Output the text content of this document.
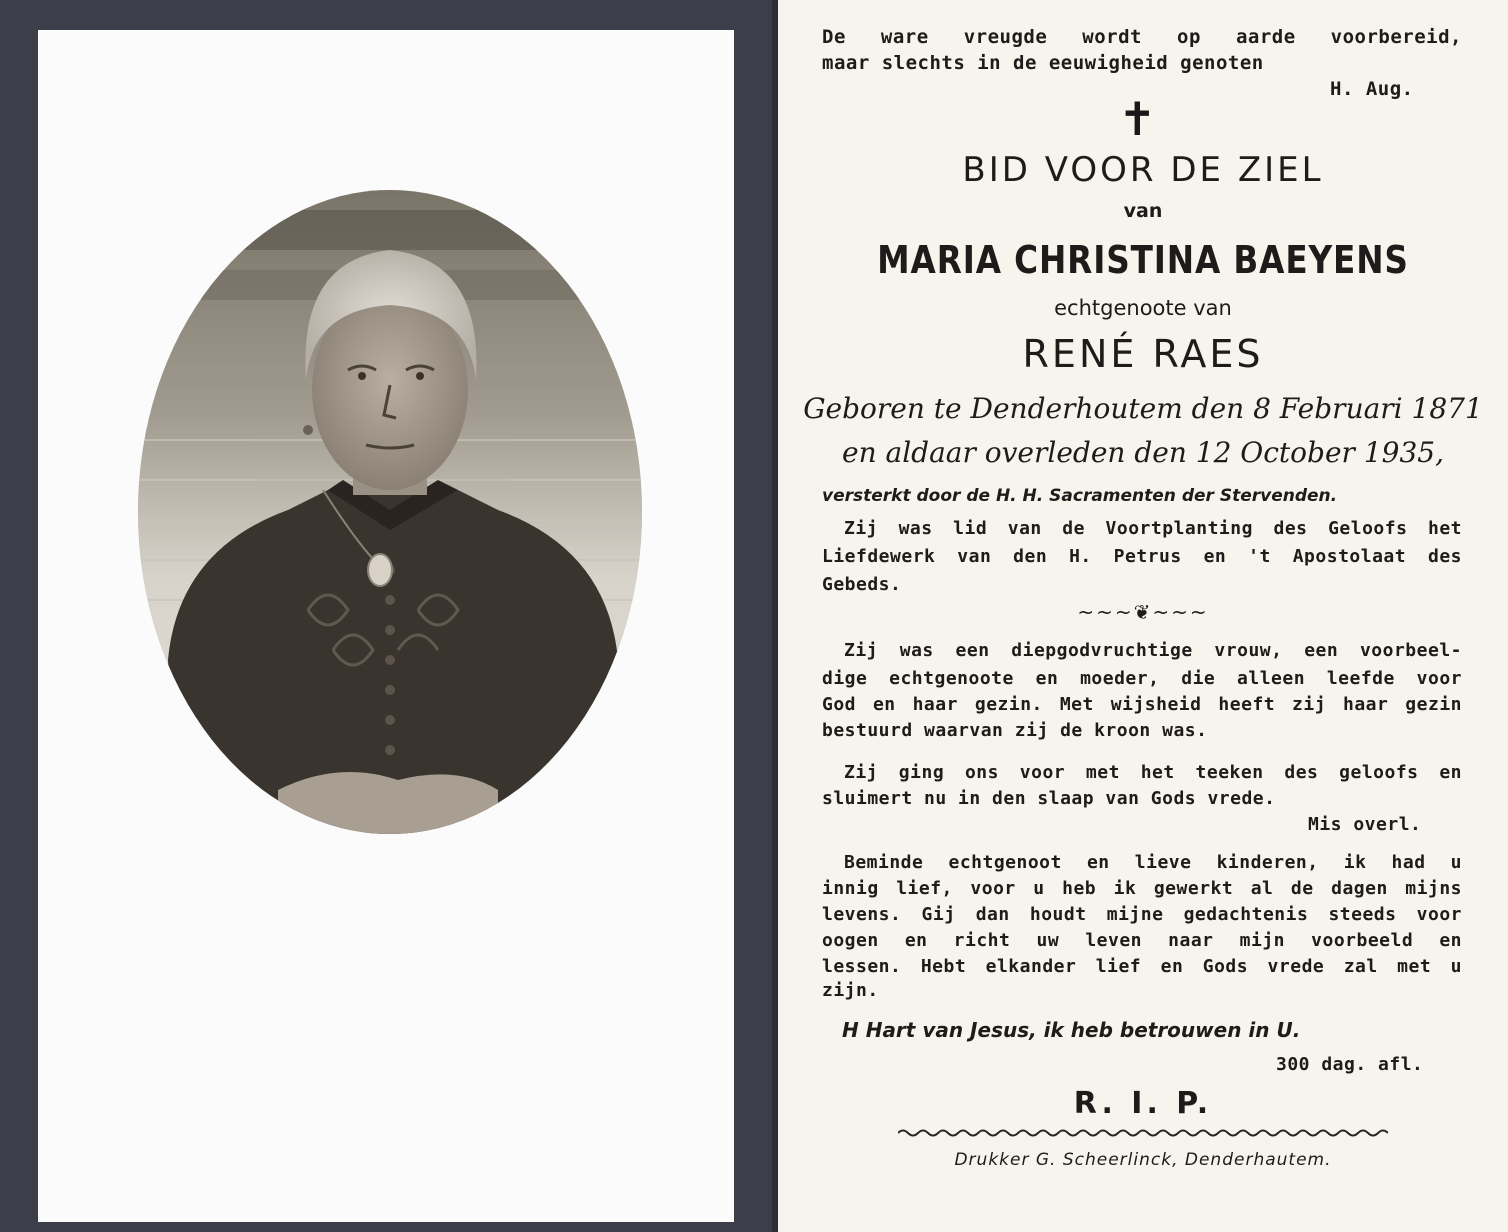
De ware vreugde wordt op aarde voorbereid,
maar slechts in de eeuwigheid genoten
H. Aug.
✝
BID VOOR DE ZIEL
van
MARIA CHRISTINA BAEYENS
echtgenoote van
RENÉ RAES
Geboren te Denderhoutem den 8 Februari 1871
en aldaar overleden den 12 October 1935,
versterkt door de H. H. Sacramenten der Stervenden.
Zij was lid van de Voortplanting des Geloofs het
Liefdewerk van den H. Petrus en 't Apostolaat des
Gebeds.
~~~❦~~~
Zij was een diepgodvruchtige vrouw, een voorbeel-
dige echtgenoote en moeder, die alleen leefde voor
God en haar gezin. Met wijsheid heeft zij haar gezin
bestuurd waarvan zij de kroon was.
Zij ging ons voor met het teeken des geloofs en
sluimert nu in den slaap van Gods vrede.
Mis overl.
Beminde echtgenoot en lieve kinderen, ik had u
innig lief, voor u heb ik gewerkt al de dagen mijns
levens. Gij dan houdt mijne gedachtenis steeds voor
oogen en richt uw leven naar mijn voorbeeld en
lessen. Hebt elkander lief en Gods vrede zal met u
zijn.
H Hart van Jesus, ik heb betrouwen in U.
300 dag. afl.
R. I. P.
Drukker G. Scheerlinck, Denderhautem.
